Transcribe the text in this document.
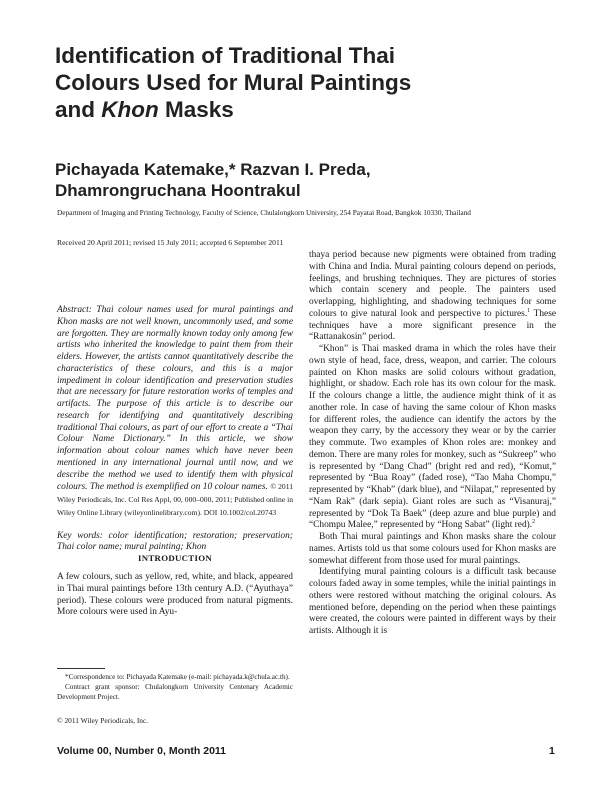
Identification of Traditional Thai
Colours Used for Mural Paintings
and Khon Masks
Pichayada Katemake,* Razvan I. Preda,
Dhamrongruchana Hoontrakul
Department of Imaging and Printing Technology, Faculty of Science, Chulalongkorn University, 254 Payatai Road, Bangkok 10330, Thailand
Received 20 April 2011; revised 15 July 2011; accepted 6 September 2011

Abstract: Thai colour names used for mural paintings and Khon masks are not well known, uncommonly used, and some are forgotten. They are normally known today only among few artists who inherited the knowledge to paint them from their elders. However, the artists cannot quantitatively describe the characteristics of these colours, and this is a major impediment in colour identification and preservation studies that are necessary for future restoration works of temples and artifacts. The purpose of this article is to describe our research for identifying and quantitatively describing traditional Thai colours, as part of our effort to create a “Thai Colour Name Dictionary.” In this article, we show information about colour names which have never been mentioned in any international journal until now, and we describe the method we used to identify them with physical colours. The method is exemplified on 10 colour names. © 2011 Wiley Periodicals, Inc. Col Res Appl, 00, 000–000, 2011; Published online in Wiley Online Library (wileyonlinelibrary.com). DOI 10.1002/col.20743

Key words: color identification; restoration; preservation; Thai color name; mural painting; Khon

INTRODUCTION
A few colours, such as yellow, red, white, and black, appeared in Thai mural paintings before 13th century A.D. (“Ayuthaya” period). These colours were produced from natural pigments. More colours were used in Ayu-

*Correspondence to: Pichayada Katemake (e-mail: pichayada.k@chula.ac.th).

Contract grant sponsor: Chulalongkorn University Centenary Academic Development Project.

© 2011 Wiley Periodicals, Inc.

thaya period because new pigments were obtained from trading with China and India. Mural painting colours depend on periods, feelings, and brushing techniques. They are pictures of stories which contain scenery and people. The painters used overlapping, highlighting, and shadowing techniques for some colours to give natural look and perspective to pictures.$^1$ These techniques have a more significant presence in the “Rattanakosin” period.

“Khon” is Thai masked drama in which the roles have their own style of head, face, dress, weapon, and carrier. The colours painted on Khon masks are solid colours without gradation, highlight, or shadow. Each role has its own colour for the mask. If the colours change a little, the audience might think of it as another role. In case of having the same colour of Khon masks for different roles, the audience can identify the actors by the weapon they carry, by the accessory they wear or by the carrier they commute. Two examples of Khon roles are: monkey and demon. There are many roles for monkey, such as “Sukreep” who is represented by “Dang Chad” (bright red and red), “Komut,” represented by “Bua Roay” (faded rose), “Tao Maha Chompu,” represented by “Khab” (dark blue), and “Nilapat,” represented by “Nam Rak” (dark sepia). Giant roles are such as “Visanuraj,” represented by “Dok Ta Baek” (deep azure and blue purple) and “Chompu Malee,” represented by “Hong Sabat” (light red).$^2$

Both Thai mural paintings and Khon masks share the colour names. Artists told us that some colours used for Khon masks are somewhat different from those used for mural paintings.

Identifying mural painting colours is a difficult task because colours faded away in some temples, while the initial paintings in others were restored without matching the original colours. As mentioned before, depending on the period when these paintings were created, the colours were painted in different ways by their artists. Although it is

Volume 00, Number 0, Month 2011	1
